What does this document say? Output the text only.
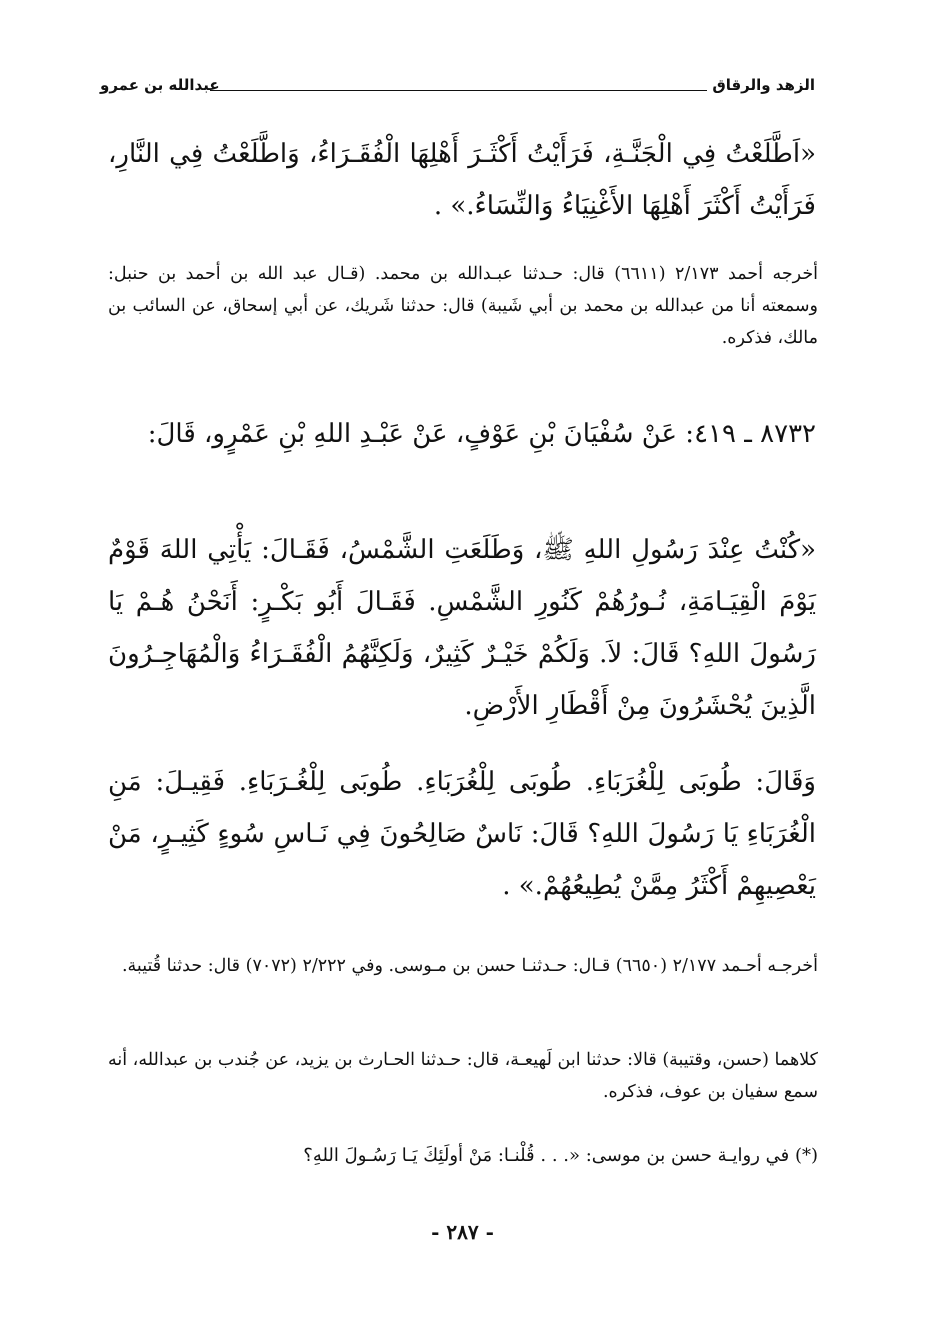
الزهد والرقاق
عبدالله بن عمرو
«اَطَّلَعْتُ فِي الْجَنَّـةِ، فَرَأَيْتُ أَكْثَـرَ أَهْلِهَا الْفُقَـرَاءُ، وَاطَّلَعْتُ فِي النَّارِ، فَرَأَيْتُ أَكْثَرَ أَهْلِهَا الأَغْنِيَاءُ وَالنِّسَاءُ.» .
أخرجه أحمد ٢/١٧٣ (٦٦١١) قال: حـدثنا عبـدالله بن محمد. (قـال عبد الله بن أحمد بن حنبل: وسمعته أنا من عبدالله بن محمد بن أبي شَيبة) قال: حدثنا شَريك، عن أبي إسحاق، عن السائب بن مالك، فذكره.
٨٧٣٢ ـ ٤١٩: عَنْ سُفْيَانَ بْنِ عَوْفٍ، عَنْ عَبْـدِ اللهِ بْنِ عَمْرٍو، قَالَ:
«كُنْتُ عِنْدَ رَسُولِ اللهِ ﷺ، وَطَلَعَتِ الشَّمْسُ، فَقَـالَ: يَأْتِي اللهَ قَوْمٌ يَوْمَ الْقِيَـامَةِ، نُـورُهُمْ كَنُورِ الشَّمْسِ. فَقَـالَ أَبُو بَكْـرٍ: أَنَحْنُ هُـمْ يَا رَسُولَ اللهِ؟ قَالَ: لاَ. وَلَكُمْ خَيْـرٌ كَثِيرٌ، وَلَكِنَّهُمُ الْفُقَـرَاءُ وَالْمُهَاجِـرُونَ الَّذِينَ يُحْشَرُونَ مِنْ أَقْطَارِ الأَرْضِ.
وَقَالَ: طُوبَى لِلْغُرَبَاءِ. طُوبَى لِلْغُرَبَاءِ. طُوبَى لِلْغُـرَبَاءِ. فَقِيـلَ: مَنِ الْغُرَبَاءِ يَا رَسُولَ اللهِ؟ قَالَ: نَاسٌ صَالِحُونَ فِي نَـاسِ سُوءٍ كَثِيـرٍ، مَنْ يَعْصِيهِمْ أَكْثَرُ مِمَّنْ يُطِيعُهُمْ.» .
أخرجـه أحـمد ٢/١٧٧ (٦٦٥٠) قـال: حـدثنـا حسن بن مـوسى. وفي ٢/٢٢٢ (٧٠٧٢) قال: حدثنا قُتيبة.
كلاهما (حسن، وقتيبة) قالا: حدثنا ابن لَهيعـة، قال: حـدثنا الحـارث بن يزيد، عن جُندب بن عبدالله، أنه سمع سفيان بن عوف، فذكره.
(*) في روايـة حسن بن موسى: «. . . قُلْنـا: مَنْ أولَئِكَ يَـا رَسُـولَ اللهِ؟
- ٢٨٧ -
